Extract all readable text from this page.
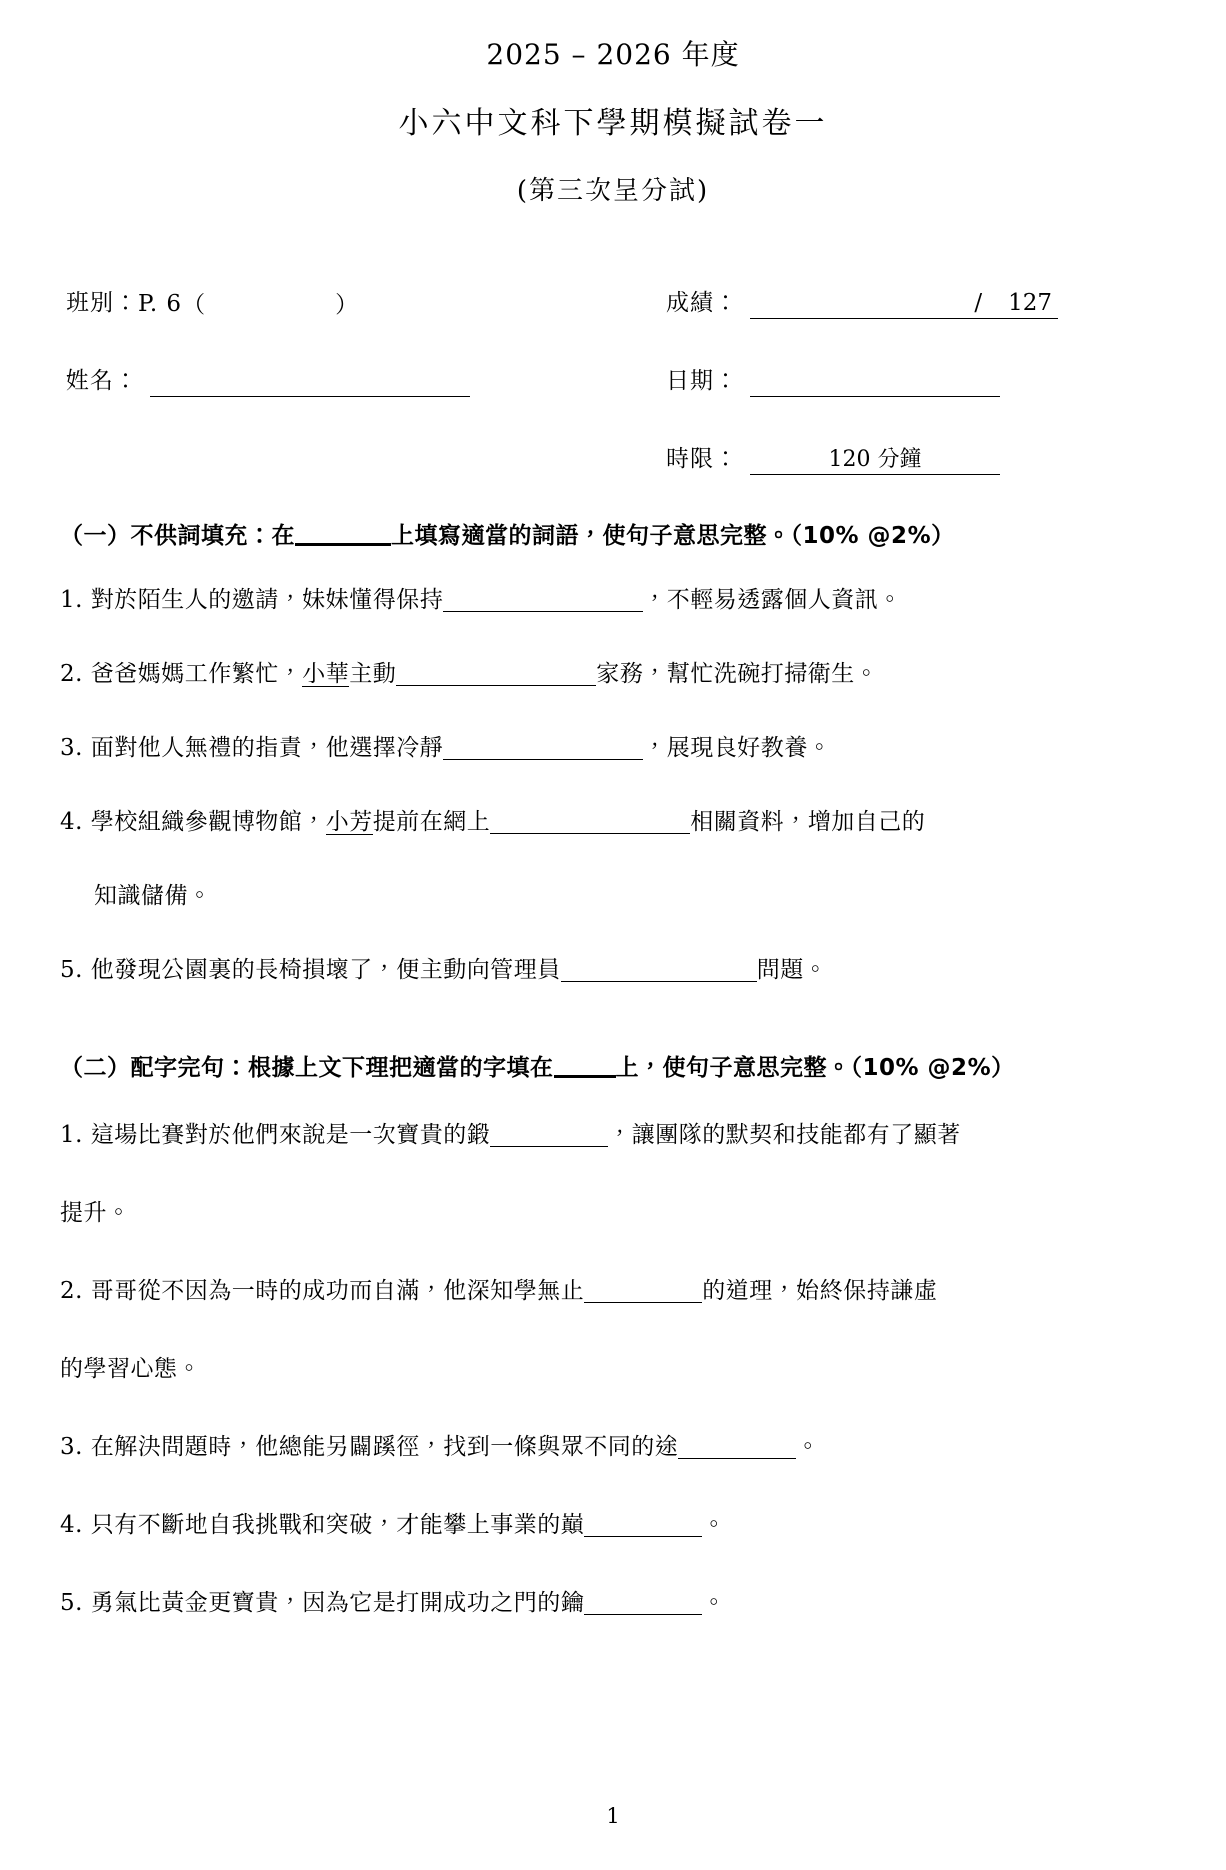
2025 – 2026 年度
小六中文科下學期模擬試卷一
(第三次呈分試)
班別： P. 6 （	）	成績：	/ 127
姓名：	日期：
時限：	120 分鐘
（一）不供詞填充：在	上填寫適當的詞語，使句子意思完整。（10% @2%）
1. 對於陌生人的邀請，妹妹懂得保持	，不輕易透露個人資訊。
2. 爸爸媽媽工作繁忙，小華主動	家務，幫忙洗碗打掃衛生。
3. 面對他人無禮的指責，他選擇冷靜	，展現良好教養。
4. 學校組織參觀博物館，小芳提前在網上	相關資料，增加自己的
知識儲備。
5. 他發現公園裏的長椅損壞了，便主動向管理員	問題。
（二）配字完句：根據上文下理把適當的字填在	上，使句子意思完整。（10% @2%）
1. 這場比賽對於他們來說是一次寶貴的鍛	，讓團隊的默契和技能都有了顯著
提升。
2. 哥哥從不因為一時的成功而自滿，他深知學無止	的道理，始終保持謙虛
的學習心態。
3. 在解決問題時，他總能另闢蹊徑，找到一條與眾不同的途	。
4. 只有不斷地自我挑戰和突破，才能攀上事業的巔	。
5. 勇氣比黃金更寶貴，因為它是打開成功之門的鑰	。
1
